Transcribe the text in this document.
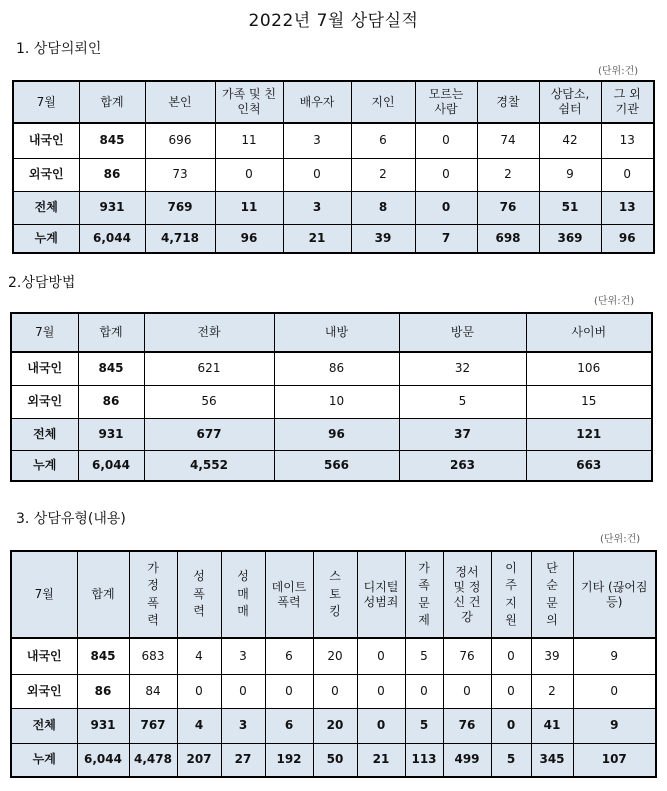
2022년 7월 상담실적
1. 상담의뢰인
(단위:건)
7월	합계	본인	가족 및 친인척	배우자	지인	모르는 사람	경찰	상담소, 쉼터	그 외 기관
내국인	845	696	11	3	6	0	74	42	13
외국인	86	73	0	0	2	0	2	9	0
전체	931	769	11	3	8	0	76	51	13
누계	6,044	4,718	96	21	39	7	698	369	96
2.상담방법
(단위:건)
7월	합계	전화	내방	방문	사이버
내국인	845	621	86	32	106
외국인	86	56	10	5	15
전체	931	677	96	37	121
누계	6,044	4,552	566	263	663
3. 상담유형(내용)
(단위:건)
7월	합계	가정폭력	성폭력	성매매	데이트 폭력	스토킹	디지털 성범죄	가족문제	정서 및 정신 건강	이주지원	단순문의	기타 (끊어짐 등)
내국인	845	683	4	3	6	20	0	5	76	0	39	9
외국인	86	84	0	0	0	0	0	0	0	0	2	0
전체	931	767	4	3	6	20	0	5	76	0	41	9
누계	6,044	4,478	207	27	192	50	21	113	499	5	345	107
